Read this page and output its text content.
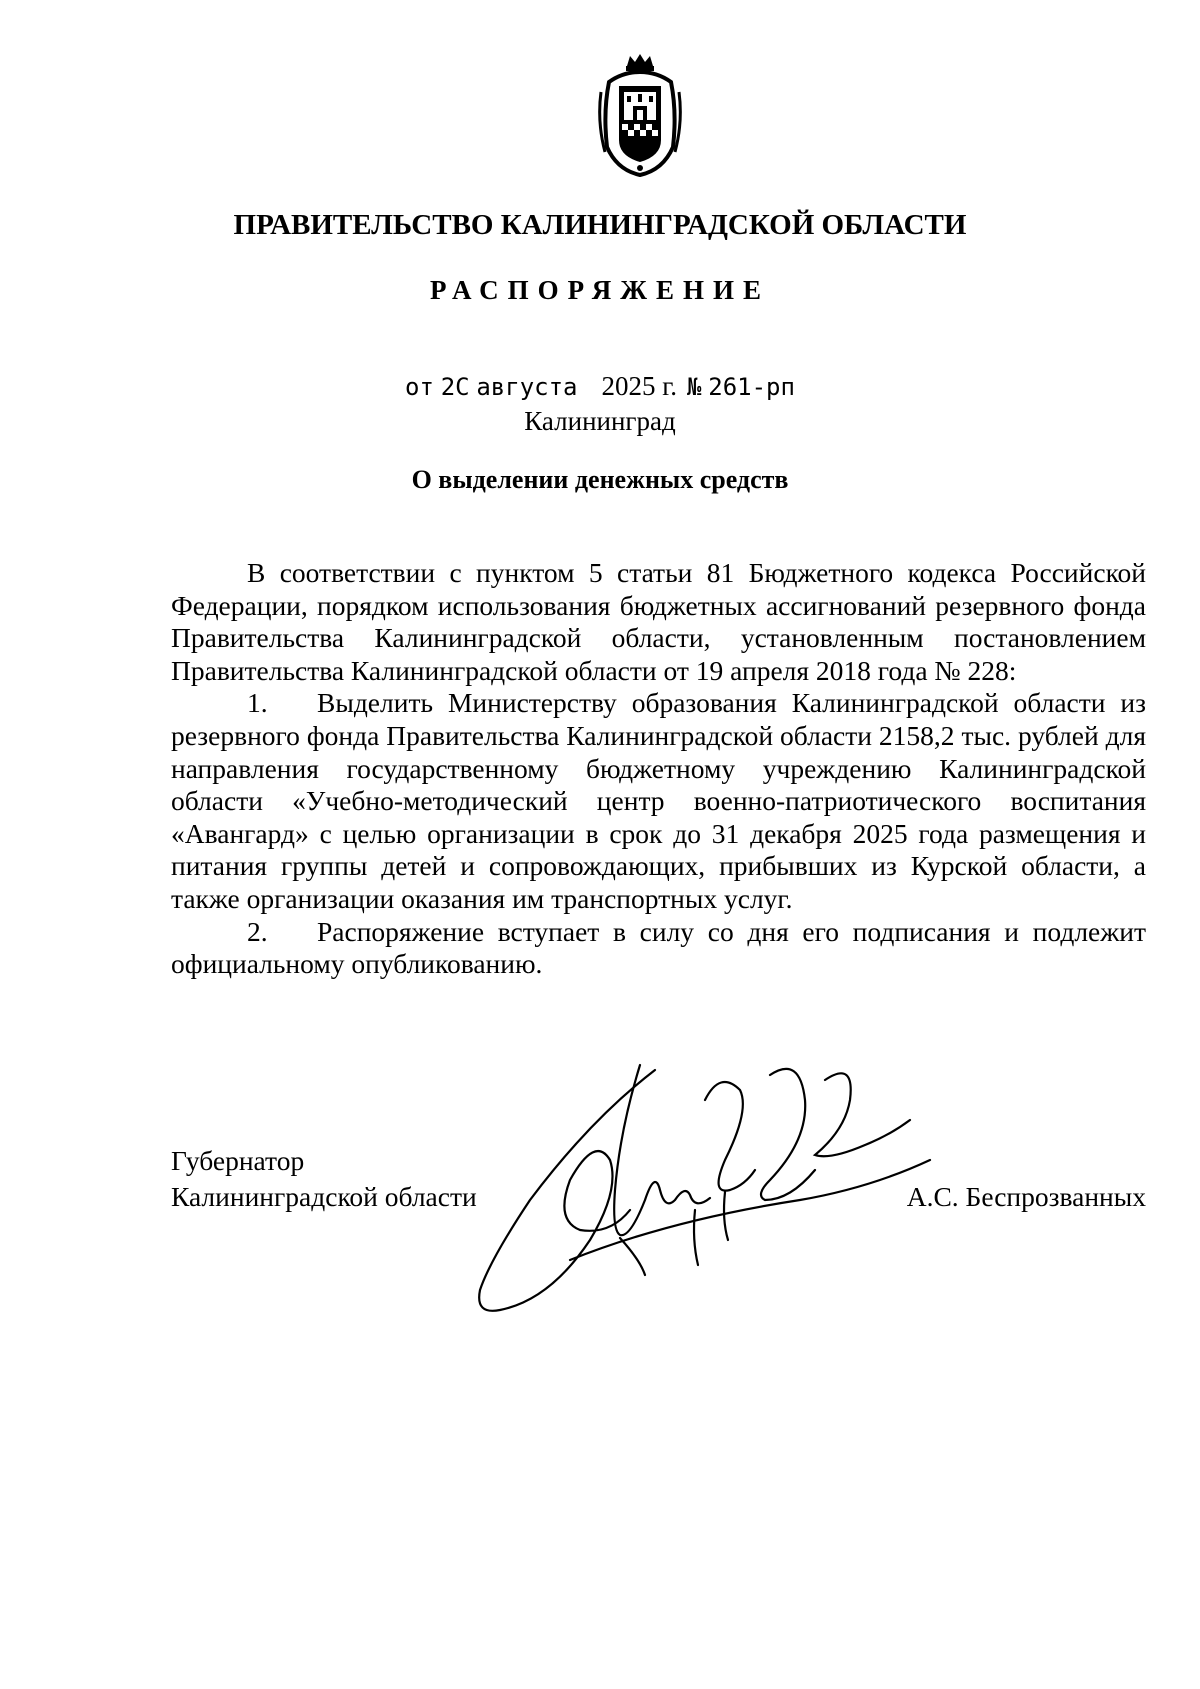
ПРАВИТЕЛЬСТВО КАЛИНИНГРАДСКОЙ ОБЛАСТИ
РАСПОРЯЖЕНИЕ
от 2С августа 2025 г. № 261-рп
Калининград
О выделении денежных средств

В соответствии с пунктом 5 статьи 81 Бюджетного кодекса Российской Федерации, порядком использования бюджетных ассигнований резервного фонда Правительства Калининградской области, установленным постановлением Правительства Калининградской области от 19 апреля 2018 года № 228:

1. Выделить Министерству образования Калининградской области из резервного фонда Правительства Калининградской области 2158,2 тыс. рублей для направления государственному бюджетному учреждению Калининградской области «Учебно-методический центр военно-патриотического воспитания «Авангард» с целью организации в срок до 31 декабря 2025 года размещения и питания группы детей и сопровождающих, прибывших из Курской области, а также организации оказания им транспортных услуг.

2. Распоряжение вступает в силу со дня его подписания и подлежит официальному опубликованию.

Губернатор
Калининградской области	А.С. Беспрозванных
